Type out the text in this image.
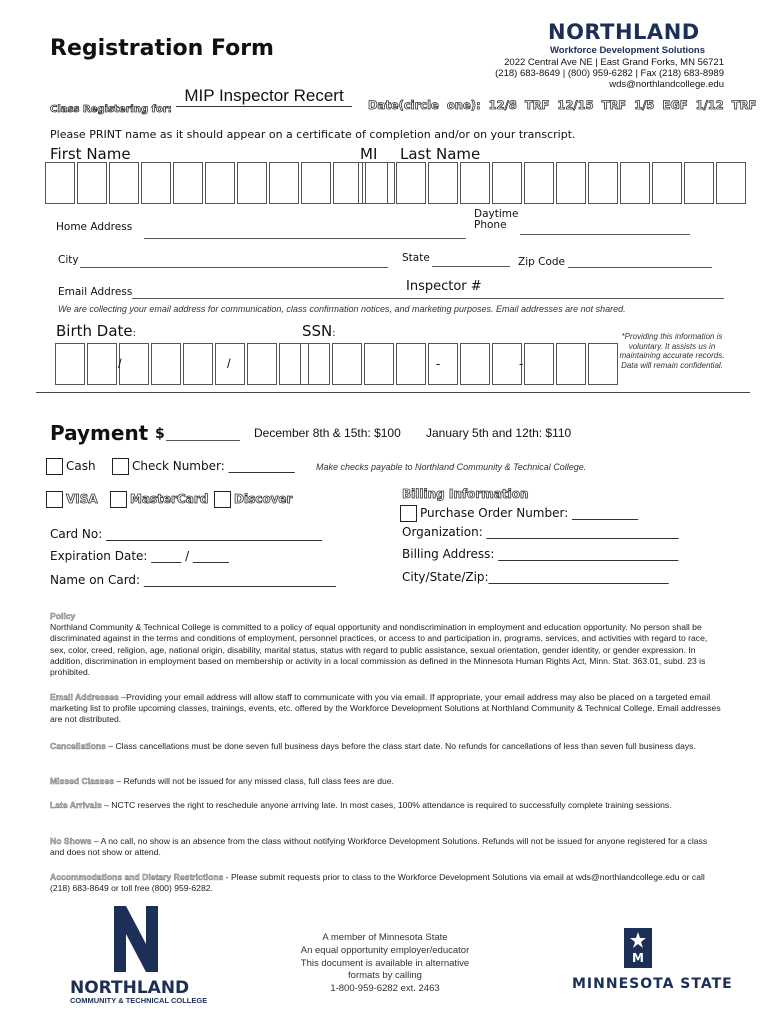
Registration Form
NORTHLAND
Workforce Development Solutions
2022 Central Ave NE | East Grand Forks, MN 56721
(218) 683-8649 | (800) 959-6282 | Fax (218) 683-8989
wds@northlandcollege.edu
Class Registering for:
MIP Inspector Recert	Date(circle one): 12/8 TRF 12/15 TRF 1/5 EGF 1/12 TRF
Please PRINT name as it should appear on a certificate of completion and/or on your transcript.
First Name	MI Last Name
Home Address
Daytime
Phone
City	State	Zip Code
Inspector #
Email Address
We are collecting your email address for communication, class confirmation notices, and marketing purposes. Email addresses are not shared.
Birth Date:	SSN:
/	/	-	-
*Providing this information is voluntary. It assists us in maintaining accurate records. Data will remain confidential.
Payment $	December 8th & 15th: $100 January 5th and 12th: $110
Cash	Check Number: ___________ Make checks payable to Northland Community & Technical College.
VISA	MasterCard	Discover
Card No: ____________________________________
Expiration Date: _____ / ______
Name on Card: ________________________________
Billing Information
Purchase Order Number: ___________
Organization: ________________________________
Billing Address: ______________________________
City/State/Zip:______________________________
Policy
Northland Community & Technical College is committed to a policy of equal opportunity and nondiscrimination in employment and education opportunity. No person shall be discriminated against in the terms and conditions of employment, personnel practices, or access to and participation in, programs, services, and activities with regard to race, sex, color, creed, religion, age, national origin, disability, marital status, status with regard to public assistance, sexual orientation, gender identity, or gender expression. In addition, discrimination in employment based on membership or activity in a local commission as defined in the Minnesota Human Rights Act, Minn. Stat. 363.01, subd. 23 is prohibited.
Email Addresses –Providing your email address will allow staff to communicate with you via email. If appropriate, your email address may also be placed on a targeted email marketing list to profile upcoming classes, trainings, events, etc. offered by the Workforce Development Solutions at Northland Community & Technical College. Email addresses are not distributed.
Cancellations – Class cancellations must be done seven full business days before the class start date. No refunds for cancellations of less than seven full business days.
Missed Classes – Refunds will not be issued for any missed class, full class fees are due.
Late Arrivals – NCTC reserves the right to reschedule anyone arriving late. In most cases, 100% attendance is required to successfully complete training sessions.
No Shows – A no call, no show is an absence from the class without notifying Workforce Development Solutions. Refunds will not be issued for anyone registered for a class and does not show or attend.
Accommodations and Dietary Restrictions - Please submit requests prior to class to the Workforce Development Solutions via email at wds@northlandcollege.edu or call (218) 683-8649 or toll free (800) 959-6282.
NORTHLAND
COMMUNITY & TECHNICAL COLLEGE
A member of Minnesota State
An equal opportunity employer/educator
This document is available in alternative
formats by calling
1-800-959-6282 ext. 2463
M
MINNESOTA STATE
